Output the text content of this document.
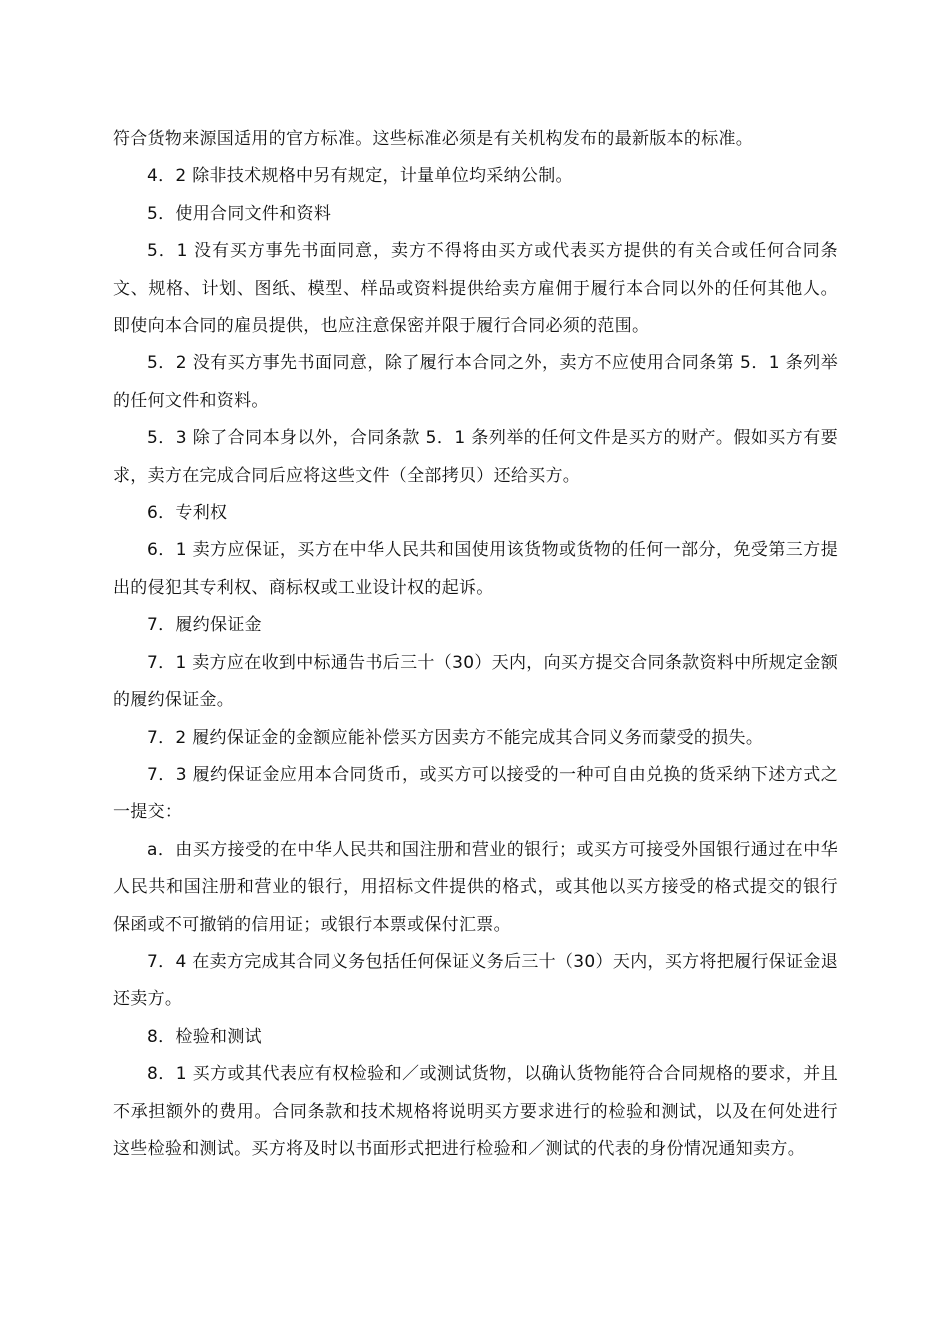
符合货物来源国适用的官方标准。这些标准必须是有关机构发布的最新版本的标准。

4．2 除非技术规格中另有规定，计量单位均采纳公制。

5．使用合同文件和资料

5．1 没有买方事先书面同意，卖方不得将由买方或代表买方提供的有关合或任何合同条文、规格、计划、图纸、模型、样品或资料提供给卖方雇佣于履行本合同以外的任何其他人。即使向本合同的雇员提供，也应注意保密并限于履行合同必须的范围。

5．2 没有买方事先书面同意，除了履行本合同之外，卖方不应使用合同条第 5．1 条列举的任何文件和资料。

5．3 除了合同本身以外，合同条款 5．1 条列举的任何文件是买方的财产。假如买方有要求，卖方在完成合同后应将这些文件（全部拷贝）还给买方。

6．专利权

6．1 卖方应保证，买方在中华人民共和国使用该货物或货物的任何一部分，免受第三方提出的侵犯其专利权、商标权或工业设计权的起诉。

7．履约保证金

7．1 卖方应在收到中标通告书后三十（30）天内，向买方提交合同条款资料中所规定金额的履约保证金。

7．2 履约保证金的金额应能补偿买方因卖方不能完成其合同义务而蒙受的损失。

7．3 履约保证金应用本合同货币，或买方可以接受的一种可自由兑换的货采纳下述方式之一提交：

a．由买方接受的在中华人民共和国注册和营业的银行；或买方可接受外国银行通过在中华人民共和国注册和营业的银行，用招标文件提供的格式，或其他以买方接受的格式提交的银行保函或不可撤销的信用证；或银行本票或保付汇票。

7．4 在卖方完成其合同义务包括任何保证义务后三十（30）天内，买方将把履行保证金退还卖方。

8．检验和测试

8．1 买方或其代表应有权检验和／或测试货物，以确认货物能符合合同规格的要求，并且不承担额外的费用。合同条款和技术规格将说明买方要求进行的检验和测试，以及在何处进行这些检验和测试。买方将及时以书面形式把进行检验和／测试的代表的身份情况通知卖方。
